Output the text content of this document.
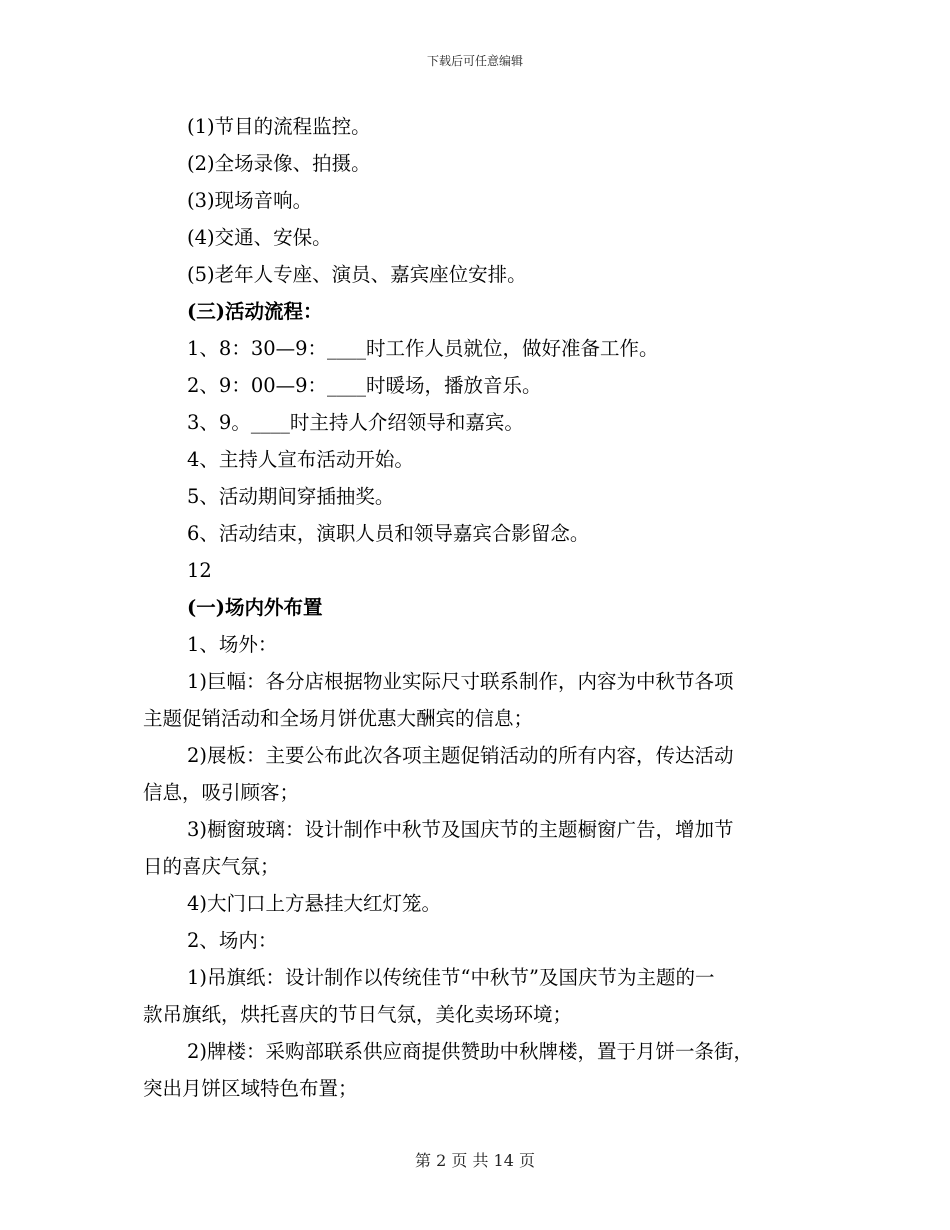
下载后可任意编辑
(1)节目的流程监控。
(2)全场录像、拍摄。
(3)现场音响。
(4)交通、安保。
(5)老年人专座、演员、嘉宾座位安排。
(三)活动流程：
1、8：30—9：____时工作人员就位，做好准备工作。
2、9：00—9：____时暖场，播放音乐。
3、9。____时主持人介绍领导和嘉宾。
4、主持人宣布活动开始。
5、活动期间穿插抽奖。
6、活动结束，演职人员和领导嘉宾合影留念。
12
(一)场内外布置
1、场外：
1)巨幅：各分店根据物业实际尺寸联系制作，内容为中秋节各项
主题促销活动和全场月饼优惠大酬宾的信息；
2)展板：主要公布此次各项主题促销活动的所有内容，传达活动
信息，吸引顾客；
3)橱窗玻璃：设计制作中秋节及国庆节的主题橱窗广告，增加节
日的喜庆气氛；
4)大门口上方悬挂大红灯笼。
2、场内：
1)吊旗纸：设计制作以传统佳节“中秋节”及国庆节为主题的一
款吊旗纸，烘托喜庆的节日气氛，美化卖场环境；
2)牌楼：采购部联系供应商提供赞助中秋牌楼，置于月饼一条街，
突出月饼区域特色布置；
第 2 页 共 14 页
